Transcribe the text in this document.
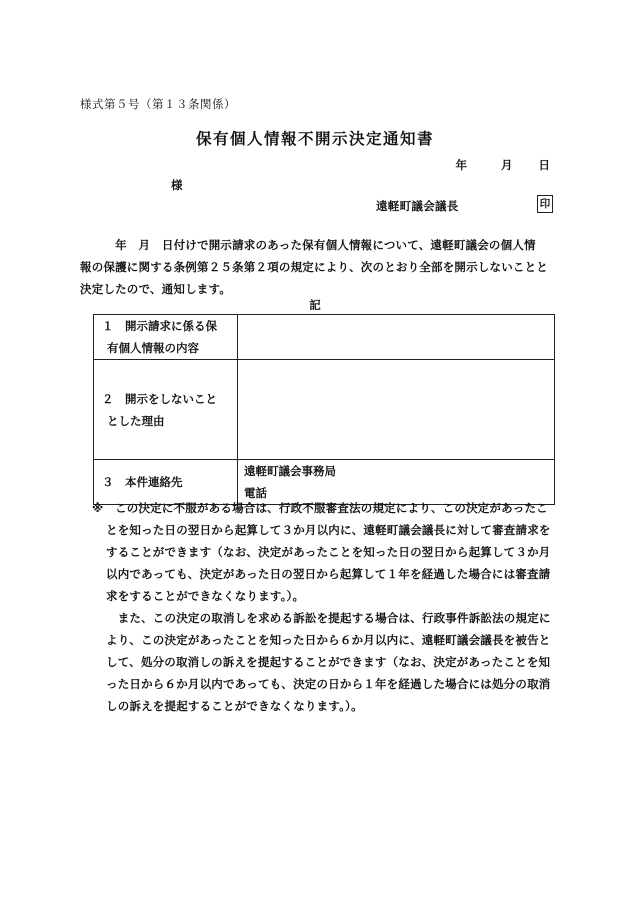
様式第５号（第１３条関係）
保有個人情報不開示決定通知書
年	月 日
様
遠軽町議会議長	印
　　　年　月　日付けで開示請求のあった保有個人情報について、遠軽町議会の個人情
報の保護に関する条例第２５条第２項の規定により、次のとおり全部を開示しないことと
決定したので、通知します。
記
１　開示請求に係る保
有個人情報の内容	

２　開示をしないこと
とした理由	

３　本件連絡先	遠軽町議会事務局
電話
※　この決定に不服がある場合は、行政不服審査法の規定により、この決定があったこ
とを知った日の翌日から起算して３か月以内に、遠軽町議会議長に対して審査請求を
することができます（なお、決定があったことを知った日の翌日から起算して３か月
以内であっても、決定があった日の翌日から起算して１年を経過した場合には審査請
求をすることができなくなります。）。
　また、この決定の取消しを求める訴訟を提起する場合は、行政事件訴訟法の規定に
より、この決定があったことを知った日から６か月以内に、遠軽町議会議長を被告と
して、処分の取消しの訴えを提起することができます（なお、決定があったことを知
った日から６か月以内であっても、決定の日から１年を経過した場合には処分の取消
しの訴えを提起することができなくなります。）。
